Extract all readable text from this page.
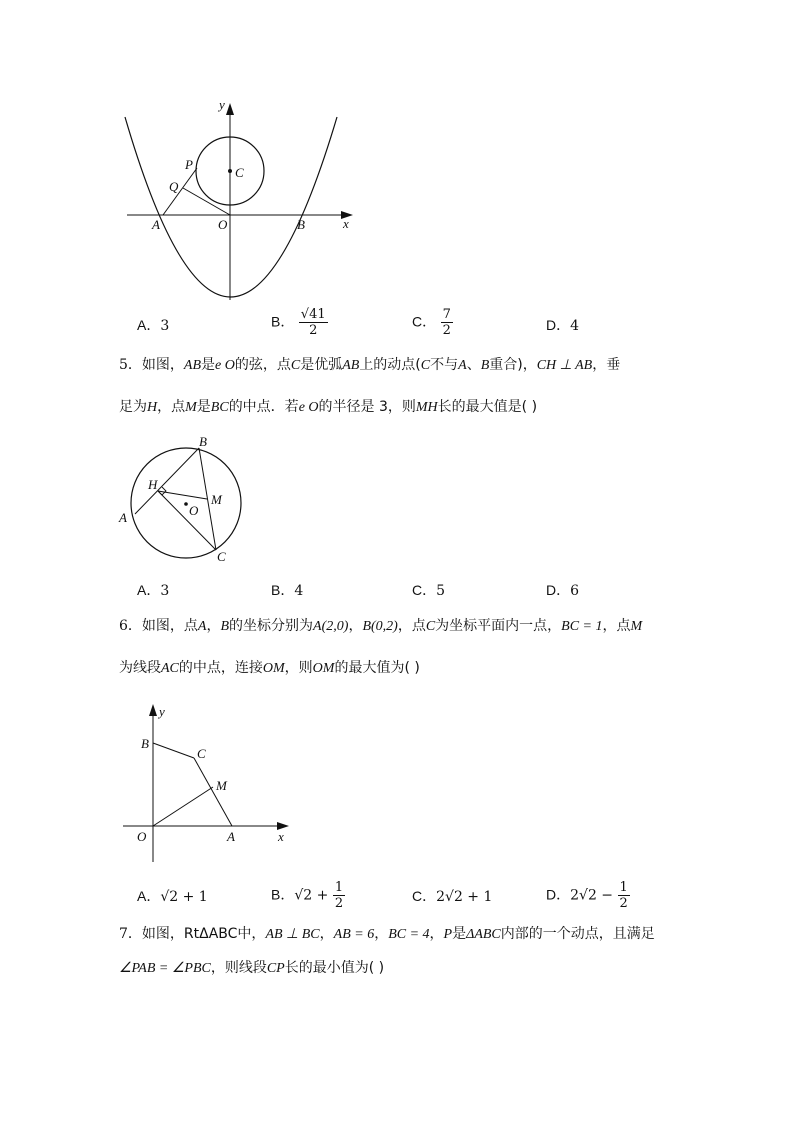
y
x
P
Q
C
A	O	B
A．3	B． $\frac{√41}{2}$	C． $\frac{7}{2}$	D．4
5．如图，AB是e O的弦，点C是优弧AB上的动点(C不与A、B重合)，CH ⊥ AB，垂
足为H，点M是BC的中点．若e O的半径是 3，则MH长的最大值是( )
B
H
M
O
A
C
A．3	B．4	C．5	D．6
6．如图，点A，B的坐标分别为A(2,0)，B(0,2)，点C为坐标平面内一点，BC = 1，点M
为线段AC的中点，连接OM，则OM的最大值为( )
y
B
C
M
O	A	x
A．√2 + 1	B．$√2 + \frac{1}{2}$	C．2√2 + 1	D．$2√2 - \frac{1}{2}$
7．如图，RtΔABC中，AB ⊥ BC，AB = 6，BC = 4，P是ΔABC内部的一个动点，且满足
∠PAB = ∠PBC，则线段CP长的最小值为( )
